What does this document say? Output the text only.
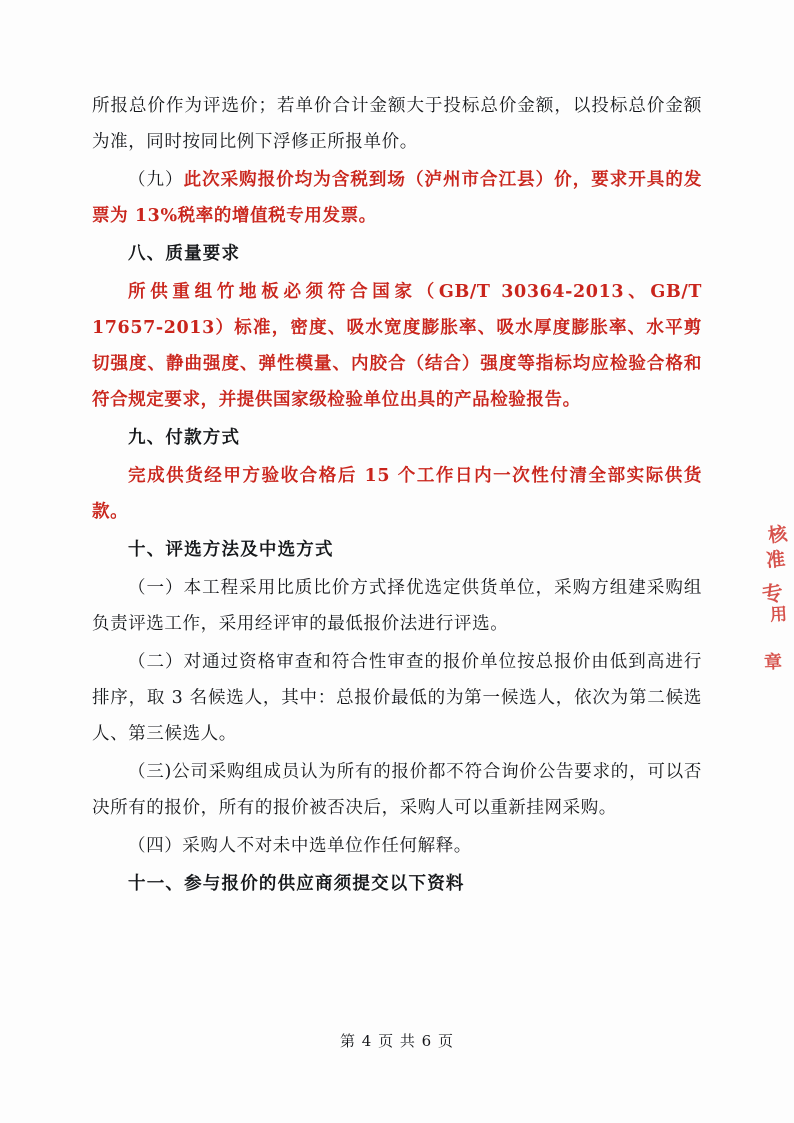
所报总价作为评选价；若单价合计金额大于投标总价金额，以投标总价金额为准，同时按同比例下浮修正所报单价。

（九）此次采购报价均为含税到场（泸州市合江县）价，要求开具的发票为 13%税率的增值税专用发票。

八、质量要求

所供重组竹地板必须符合国家（GB/T 30364-2013、GB/T 17657-2013）标准，密度、吸水宽度膨胀率、吸水厚度膨胀率、水平剪切强度、静曲强度、弹性模量、内胶合（结合）强度等指标均应检验合格和符合规定要求，并提供国家级检验单位出具的产品检验报告。

九、付款方式

完成供货经甲方验收合格后 15 个工作日内一次性付清全部实际供货款。

十、评选方法及中选方式

（一）本工程采用比质比价方式择优选定供货单位，采购方组建采购组负责评选工作，采用经评审的最低报价法进行评选。

（二）对通过资格审查和符合性审查的报价单位按总报价由低到高进行排序，取 3 名候选人，其中：总报价最低的为第一候选人，依次为第二候选人、第三候选人。

（三)公司采购组成员认为所有的报价都不符合询价公告要求的，可以否决所有的报价，所有的报价被否决后，采购人可以重新挂网采购。

（四）采购人不对未中选单位作任何解释。

十一、参与报价的供应商须提交以下资料

核
准
专
用
章
第 4 页 共 6 页
